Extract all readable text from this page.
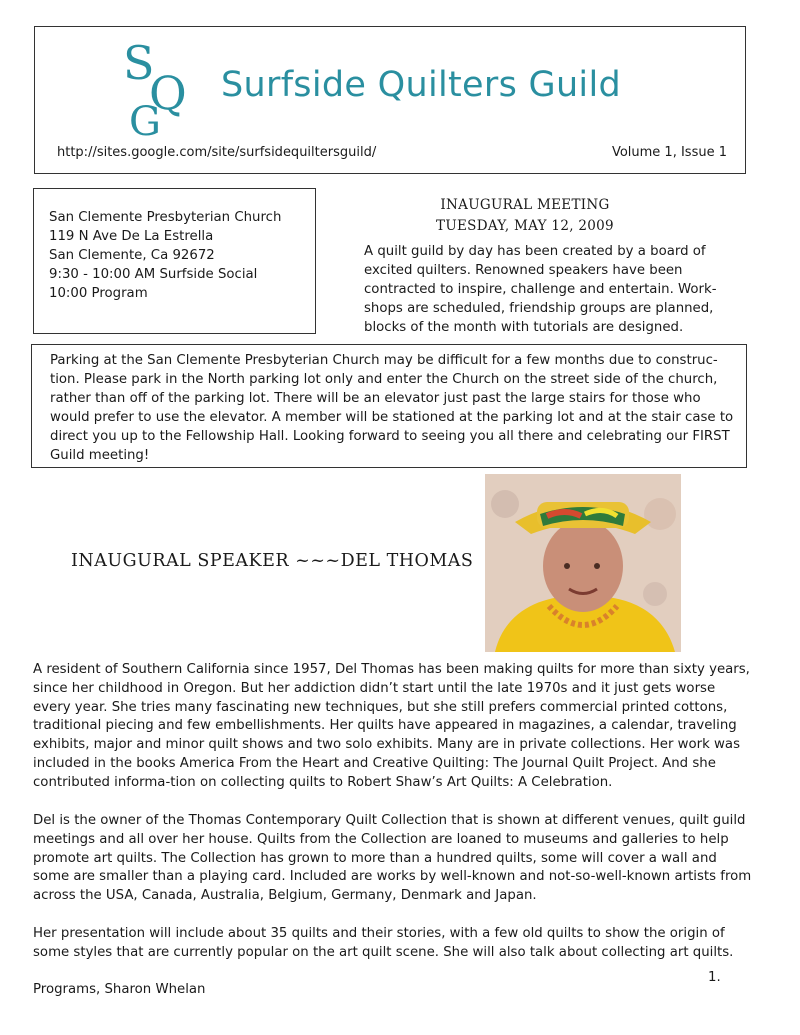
S
Q
G
Surfside Quilters Guild
http://sites.google.com/site/surfsidequiltersguild/	Volume 1, Issue 1
San Clemente Presbyterian Church
119 N Ave De La Estrella
San Clemente, Ca 92672
9:30 - 10:00 AM Surfside Social
10:00 Program
INAUGURAL MEETING
TUESDAY, MAY 12, 2009
A quilt guild by day has been created by a board of excited quilters. Renowned speakers have been contracted to inspire, challenge and entertain. Work-shops are scheduled, friendship groups are planned, blocks of the month with tutorials are designed.
Parking at the San Clemente Presbyterian Church may be difficult for a few months due to construc-tion. Please park in the North parking lot only and enter the Church on the street side of the church, rather than off of the parking lot. There will be an elevator just past the large stairs for those who would prefer to use the elevator. A member will be stationed at the parking lot and at the stair case to direct you up to the Fellowship Hall. Looking forward to seeing you all there and celebrating our FIRST Guild meeting!
INAUGURAL SPEAKER ~~~DEL THOMAS

A resident of Southern California since 1957, Del Thomas has been making quilts for more than sixty years, since her childhood in Oregon. But her addiction didn’t start until the late 1970s and it just gets worse every year. She tries many fascinating new techniques, but she still prefers commercial printed cottons, traditional piecing and few embellishments. Her quilts have appeared in magazines, a calendar, traveling exhibits, major and minor quilt shows and two solo exhibits. Many are in private collections. Her work was included in the books America From the Heart and Creative Quilting: The Journal Quilt Project. And she contributed informa-tion on collecting quilts to Robert Shaw’s Art Quilts: A Celebration.

Del is the owner of the Thomas Contemporary Quilt Collection that is shown at different venues, quilt guild meetings and all over her house. Quilts from the Collection are loaned to museums and galleries to help promote art quilts. The Collection has grown to more than a hundred quilts, some will cover a wall and some are smaller than a playing card. Included are works by well-known and not-so-well-known artists from across the USA, Canada, Australia, Belgium, Germany, Denmark and Japan.

Her presentation will include about 35 quilts and their stories, with a few old quilts to show the origin of some styles that are currently popular on the art quilt scene. She will also talk about collecting art quilts.

1.
Programs, Sharon Whelan
